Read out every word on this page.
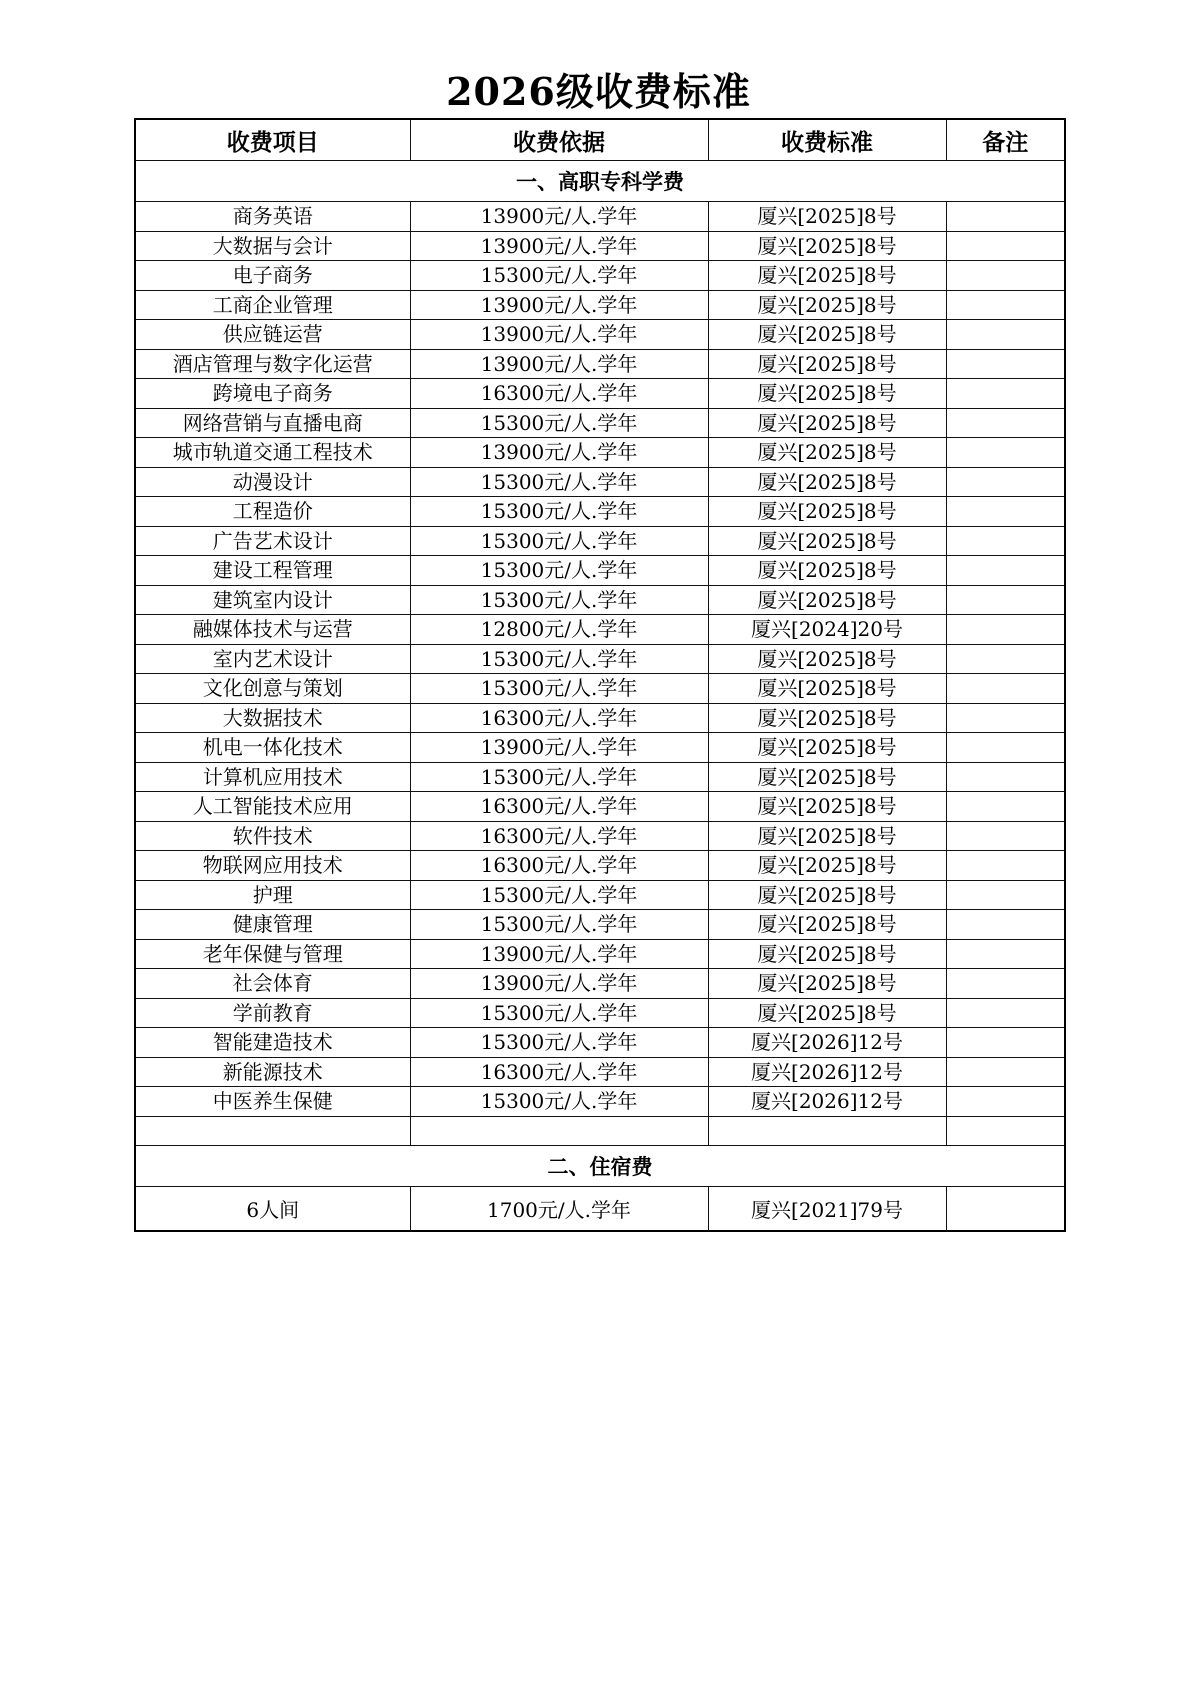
2026级收费标准
收费项目	收费依据	收费标准	备注
一、高职专科学费			
商务英语	13900元/人.学年	厦兴[2025]8号	
大数据与会计	13900元/人.学年	厦兴[2025]8号	
电子商务	15300元/人.学年	厦兴[2025]8号	
工商企业管理	13900元/人.学年	厦兴[2025]8号	
供应链运营	13900元/人.学年	厦兴[2025]8号	
酒店管理与数字化运营	13900元/人.学年	厦兴[2025]8号	
跨境电子商务	16300元/人.学年	厦兴[2025]8号	
网络营销与直播电商	15300元/人.学年	厦兴[2025]8号	
城市轨道交通工程技术	13900元/人.学年	厦兴[2025]8号	
动漫设计	15300元/人.学年	厦兴[2025]8号	
工程造价	15300元/人.学年	厦兴[2025]8号	
广告艺术设计	15300元/人.学年	厦兴[2025]8号	
建设工程管理	15300元/人.学年	厦兴[2025]8号	
建筑室内设计	15300元/人.学年	厦兴[2025]8号	
融媒体技术与运营	12800元/人.学年	厦兴[2024]20号	
室内艺术设计	15300元/人.学年	厦兴[2025]8号	
文化创意与策划	15300元/人.学年	厦兴[2025]8号	
大数据技术	16300元/人.学年	厦兴[2025]8号	
机电一体化技术	13900元/人.学年	厦兴[2025]8号	
计算机应用技术	15300元/人.学年	厦兴[2025]8号	
人工智能技术应用	16300元/人.学年	厦兴[2025]8号	
软件技术	16300元/人.学年	厦兴[2025]8号	
物联网应用技术	16300元/人.学年	厦兴[2025]8号	
护理	15300元/人.学年	厦兴[2025]8号	
健康管理	15300元/人.学年	厦兴[2025]8号	
老年保健与管理	13900元/人.学年	厦兴[2025]8号	
社会体育	13900元/人.学年	厦兴[2025]8号	
学前教育	15300元/人.学年	厦兴[2025]8号	
智能建造技术	15300元/人.学年	厦兴[2026]12号	
新能源技术	16300元/人.学年	厦兴[2026]12号	
中医养生保健	15300元/人.学年	厦兴[2026]12号	

二、住宿费			
6人间	1700元/人.学年	厦兴[2021]79号	
